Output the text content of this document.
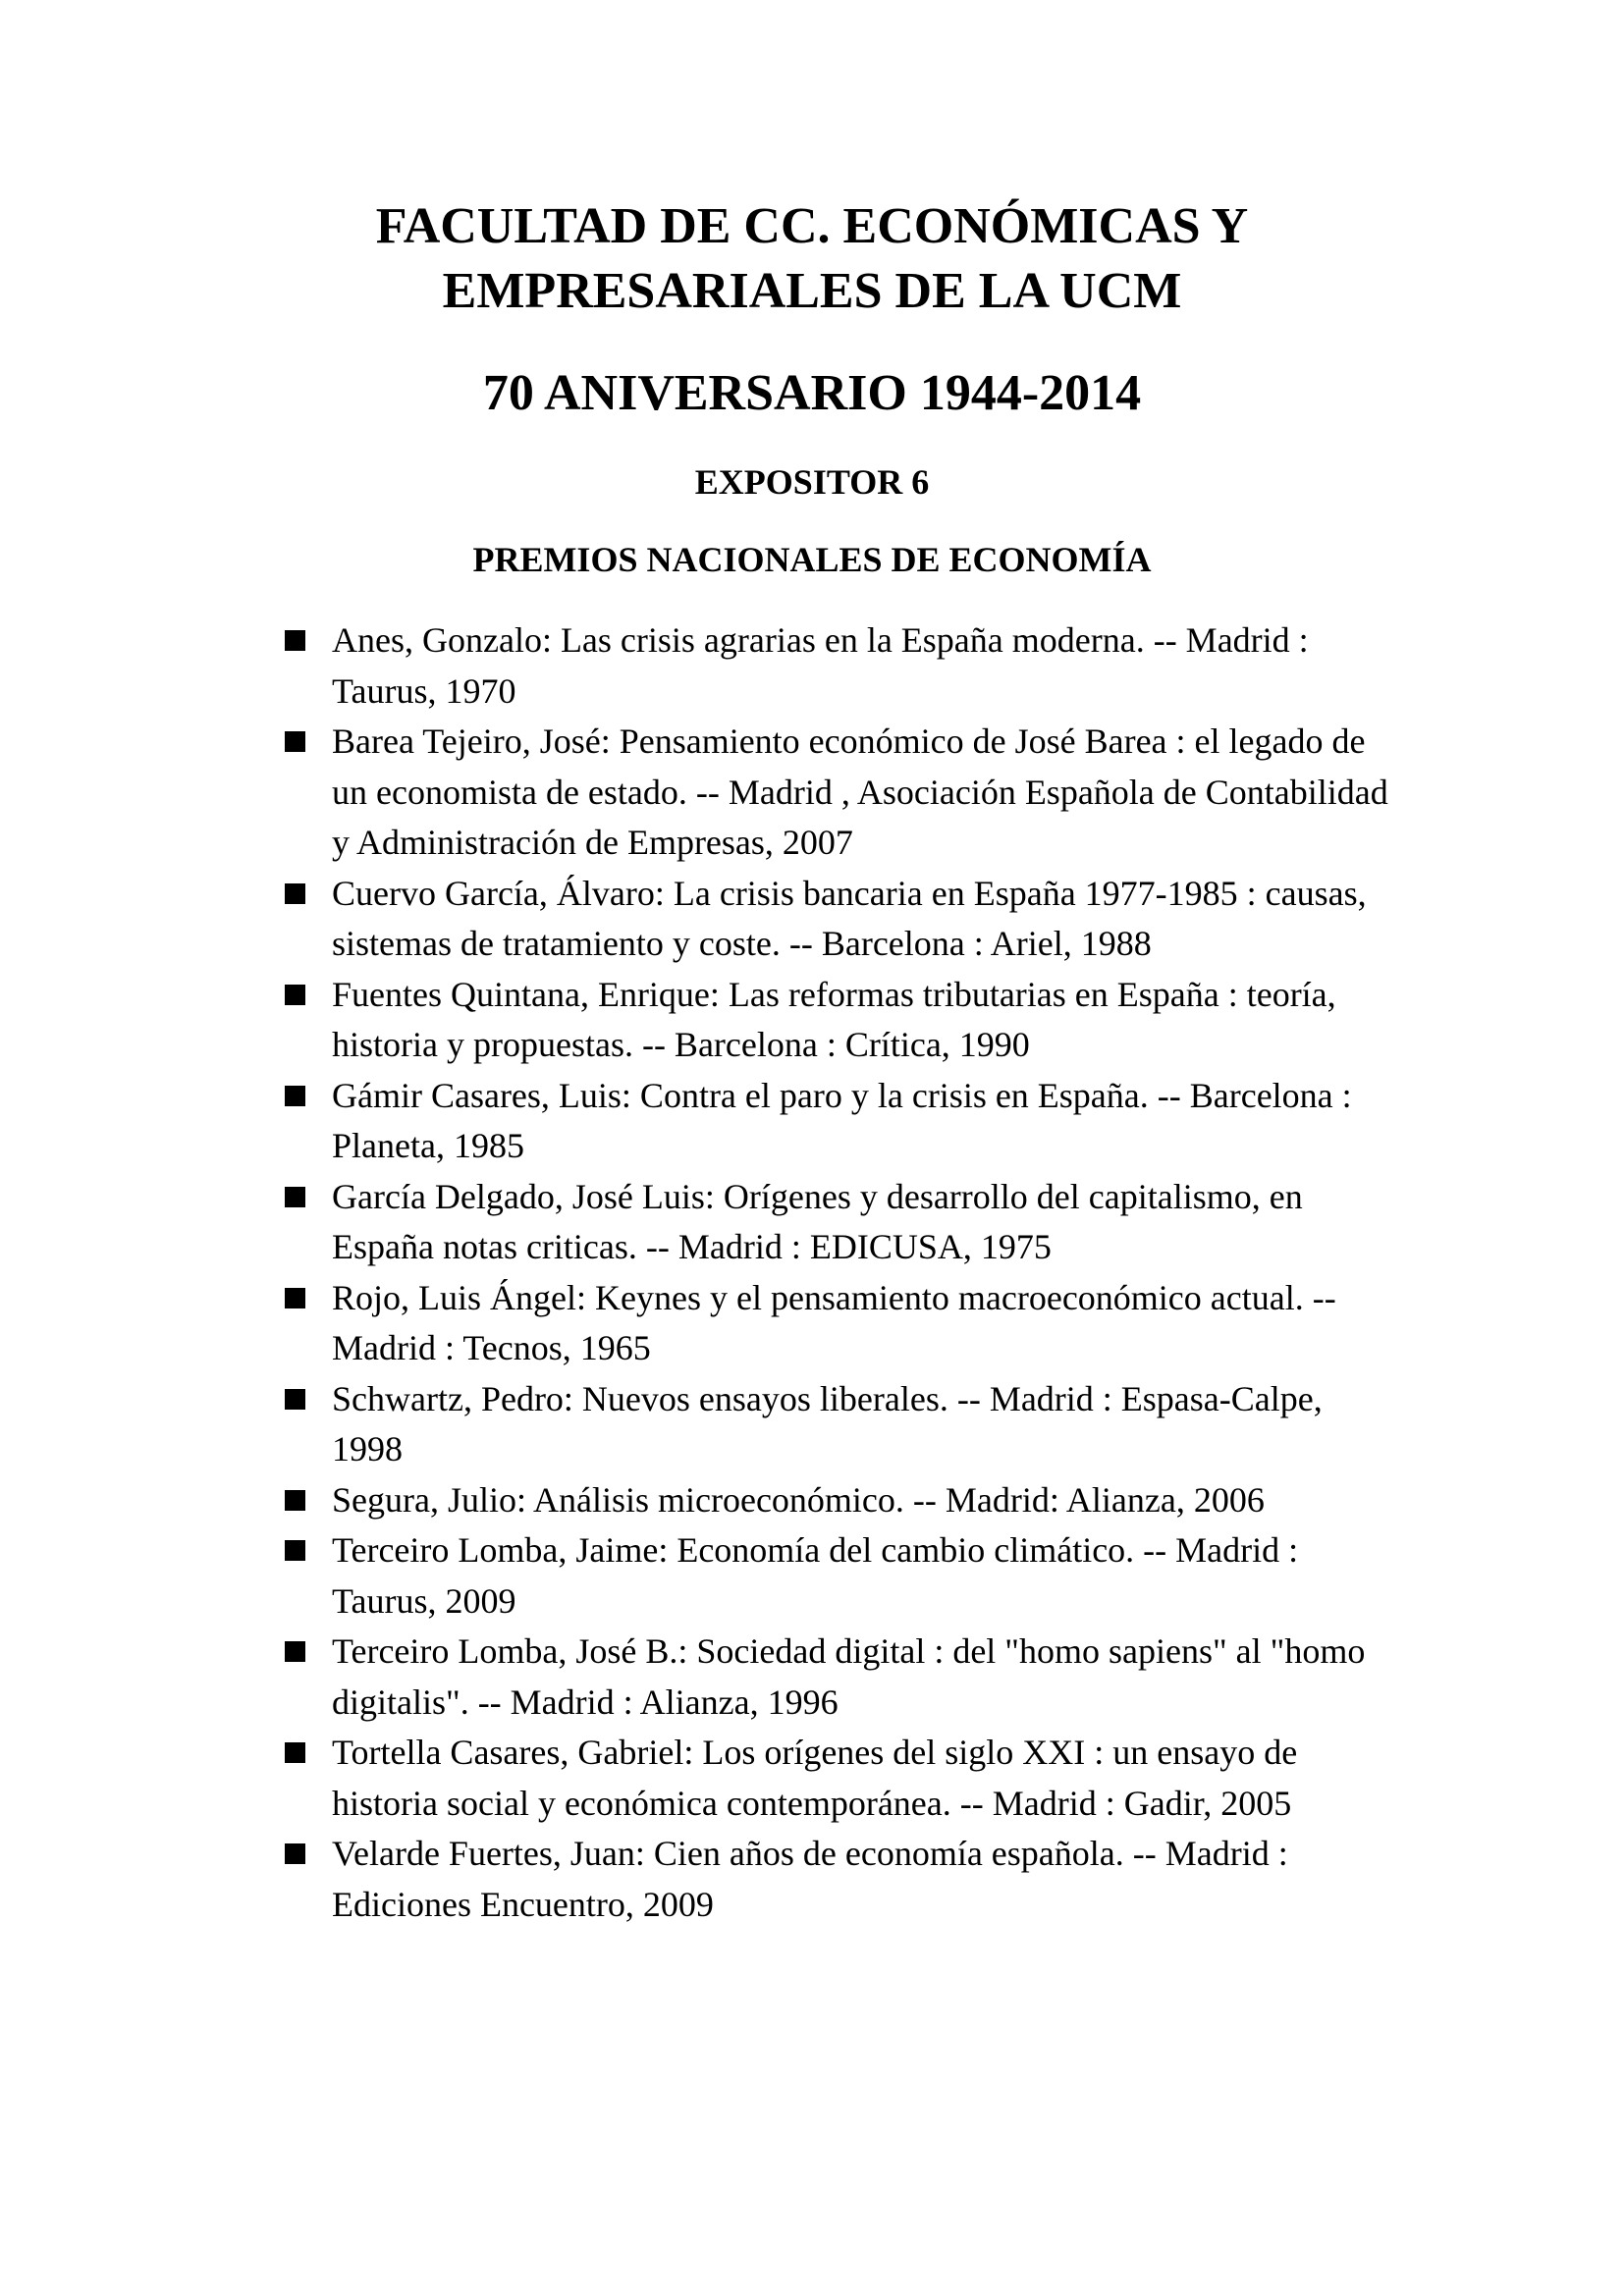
FACULTAD DE CC. ECONÓMICAS Y
EMPRESARIALES DE LA UCM
70 ANIVERSARIO 1944-2014
EXPOSITOR 6
PREMIOS NACIONALES DE ECONOMÍA
Anes, Gonzalo: Las crisis agrarias en la España moderna. -- Madrid : Taurus, 1970
Barea Tejeiro, José: Pensamiento económico de José Barea : el legado de un economista de estado. -- Madrid , Asociación Española de Contabilidad y Administración de Empresas, 2007
Cuervo García, Álvaro: La crisis bancaria en España 1977-1985 : causas, sistemas de tratamiento y coste. -- Barcelona : Ariel, 1988
Fuentes Quintana, Enrique: Las reformas tributarias en España : teoría, historia y propuestas. -- Barcelona : Crítica, 1990
Gámir Casares, Luis: Contra el paro y la crisis en España. -- Barcelona : Planeta, 1985
García Delgado, José Luis: Orígenes y desarrollo del capitalismo, en España notas criticas. -- Madrid : EDICUSA, 1975
Rojo, Luis Ángel: Keynes y el pensamiento macroeconómico actual. -- Madrid : Tecnos, 1965
Schwartz, Pedro: Nuevos ensayos liberales. -- Madrid : Espasa-Calpe, 1998
Segura, Julio: Análisis microeconómico. -- Madrid: Alianza, 2006
Terceiro Lomba, Jaime: Economía del cambio climático. -- Madrid : Taurus, 2009
Terceiro Lomba, José B.: Sociedad digital : del "homo sapiens" al "homo digitalis". -- Madrid : Alianza, 1996
Tortella Casares, Gabriel: Los orígenes del siglo XXI : un ensayo de historia social y económica contemporánea. -- Madrid : Gadir, 2005
Velarde Fuertes, Juan: Cien años de economía española. -- Madrid : Ediciones Encuentro, 2009
